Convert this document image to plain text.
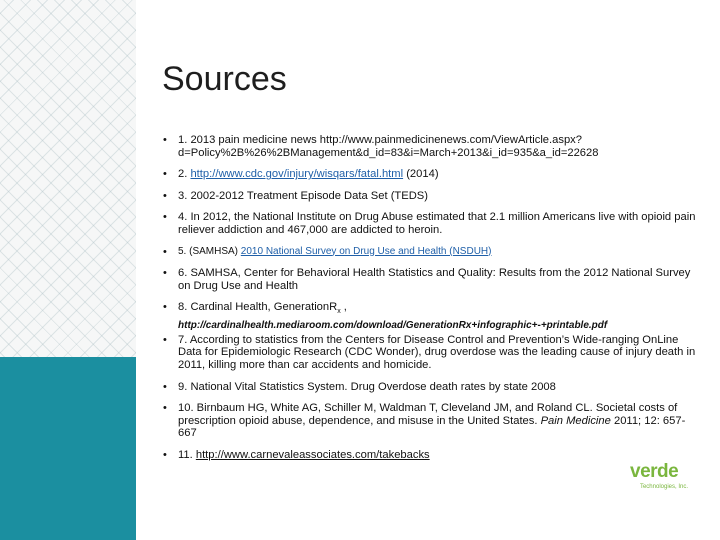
Sources
• 1. 2013 pain medicine news http://www.painmedicinenews.com/ViewArticle.aspx?d=Policy%2B%26%2BManagement&d_id=83&i=March+2013&i_id=935&a_id=22628
• 2. http://www.cdc.gov/injury/wisqars/fatal.html (2014)
• 3. 2002-2012 Treatment Episode Data Set (TEDS)
• 4. In 2012, the National Institute on Drug Abuse estimated that 2.1 million Americans live with opioid pain reliever addiction and 467,000 are addicted to heroin.
• 5. (SAMHSA) 2010 National Survey on Drug Use and Health (NSDUH)
• 6. SAMHSA, Center for Behavioral Health Statistics and Quality: Results from the 2012 National Survey on Drug Use and Health
• 8. Cardinal Health, GenerationR$_x$ , http://cardinalhealth.mediaroom.com/download/GenerationRx+infographic+-+printable.pdf
• 7. According to statistics from the Centers for Disease Control and Prevention’s Wide-ranging OnLine Data for Epidemiologic Research (CDC Wonder), drug overdose was the leading cause of injury death in 2011, killing more than car accidents and homicide.
• 9. National Vital Statistics System. Drug Overdose death rates by state 2008
• 10. Birnbaum HG, White AG, Schiller M, Waldman T, Cleveland JM, and Roland CL. Societal costs of prescription opioid abuse, dependence, and misuse in the United States. Pain Medicine 2011; 12: 657-667
• 11. http://www.carnevaleassociates.com/takebacks
verde
Technologies, Inc.
